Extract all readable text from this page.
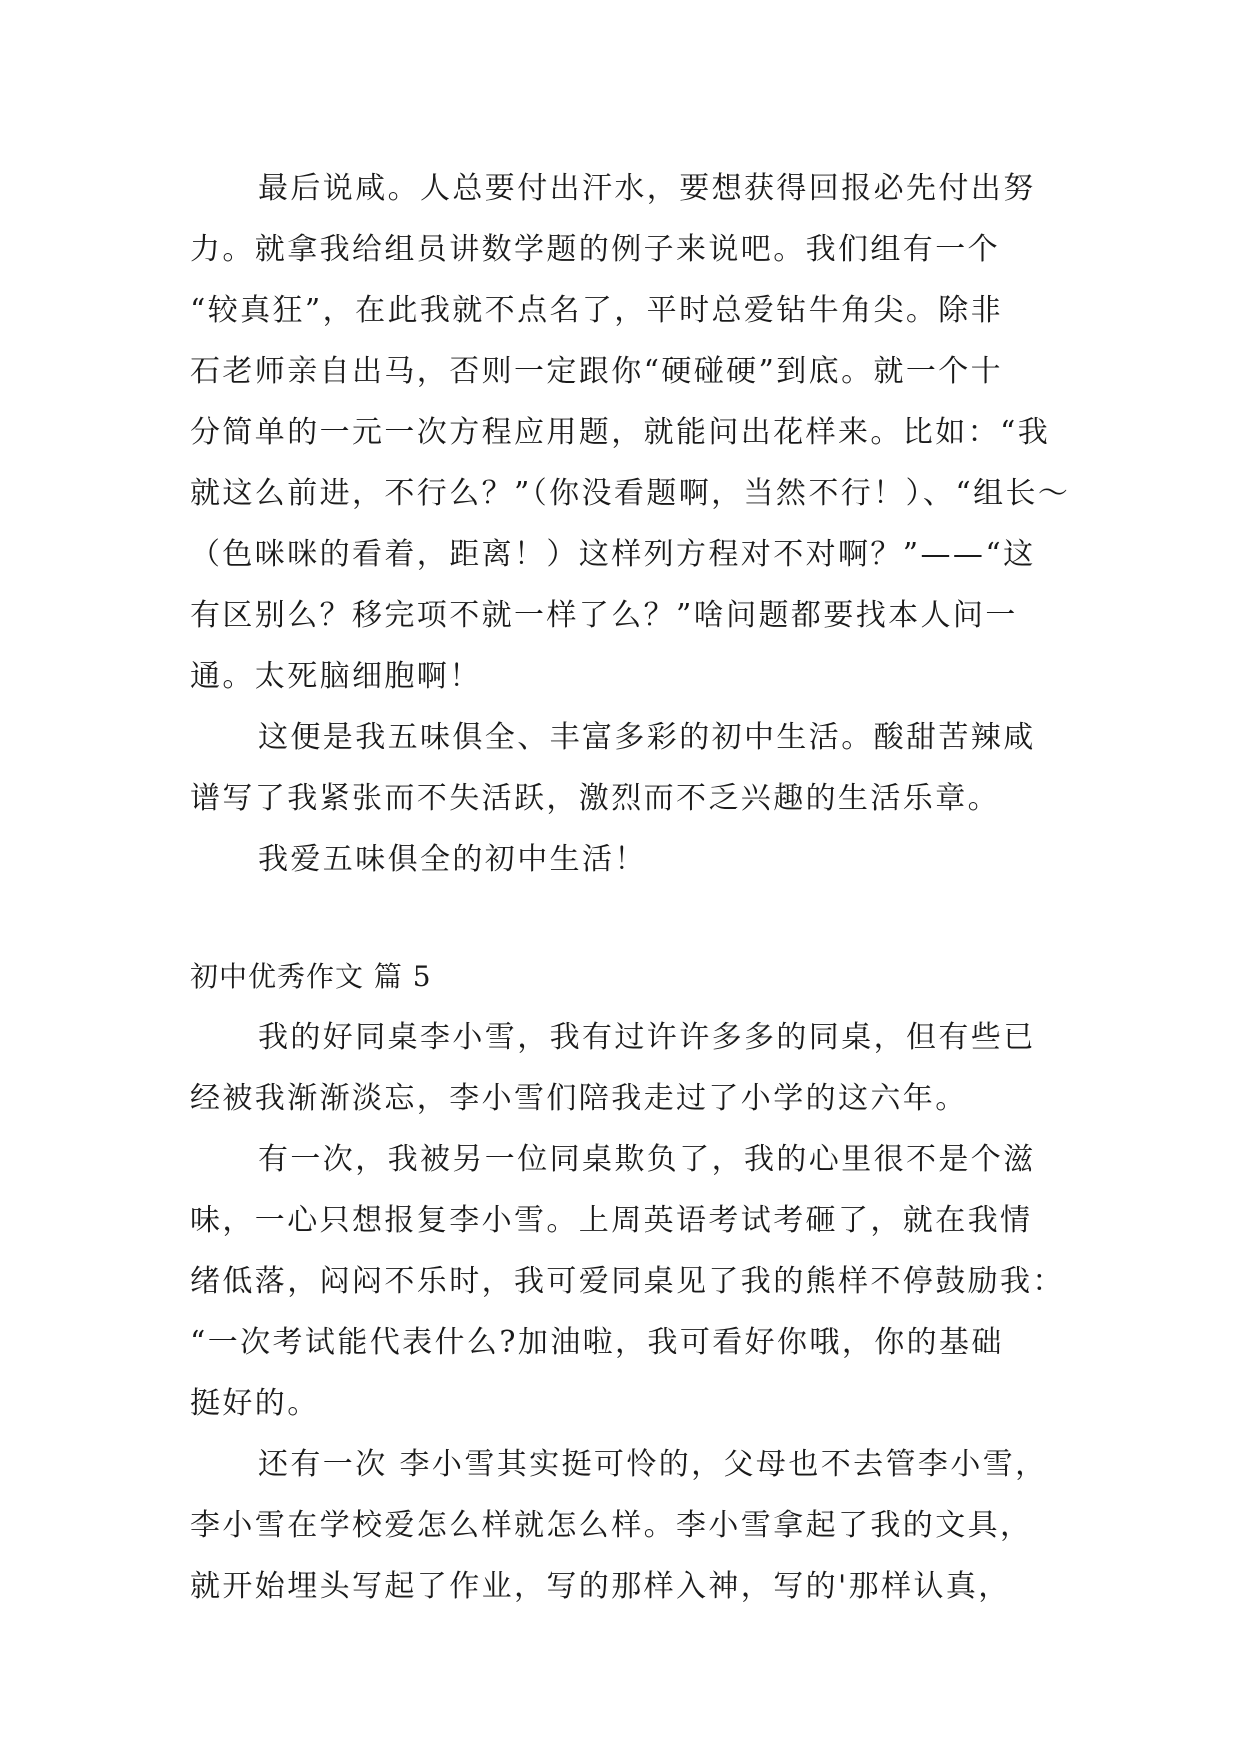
最后说咸。人总要付出汗水，要想获得回报必先付出努
力。就拿我给组员讲数学题的例子来说吧。我们组有一个
“较真狂”，在此我就不点名了，平时总爱钻牛角尖。除非
石老师亲自出马，否则一定跟你“硬碰硬”到底。就一个十
分简单的一元一次方程应用题，就能问出花样来。比如：“我
就这么前进，不行么？”（你没看题啊，当然不行！）、“组长～
（色咪咪的看着，距离！）这样列方程对不对啊？”——“这
有区别么？移完项不就一样了么？”啥问题都要找本人问一
通。太死脑细胞啊！
这便是我五味俱全、丰富多彩的初中生活。酸甜苦辣咸
谱写了我紧张而不失活跃，激烈而不乏兴趣的生活乐章。
我爱五味俱全的初中生活！
初中优秀作文 篇 5
我的好同桌李小雪，我有过许许多多的同桌，但有些已
经被我渐渐淡忘，李小雪们陪我走过了小学的这六年。
有一次，我被另一位同桌欺负了，我的心里很不是个滋
味，一心只想报复李小雪。上周英语考试考砸了，就在我情
绪低落，闷闷不乐时，我可爱同桌见了我的熊样不停鼓励我：
“一次考试能代表什么?加油啦，我可看好你哦，你的基础
挺好的。
还有一次 李小雪其实挺可怜的，父母也不去管李小雪，
李小雪在学校爱怎么样就怎么样。李小雪拿起了我的文具，
就开始埋头写起了作业，写的那样入神，写的'那样认真，
